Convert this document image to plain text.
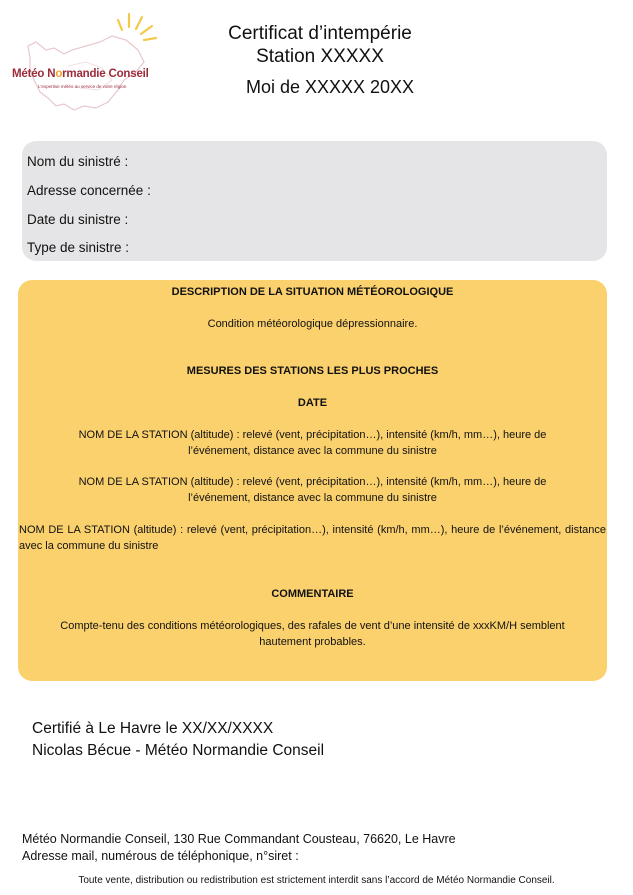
Météo Normandie Conseil
L'expertise météo au service de votre région
Certificat d’intempérie
Station XXXXX
Moi de XXXXX 20XX
Nom du sinistré :
Adresse concernée :
Date du sinistre :
Type de sinistre :
DESCRIPTION DE LA SITUATION MÉTÉOROLOGIQUE
Condition météorologique dépressionnaire.
MESURES DES STATIONS LES PLUS PROCHES
DATE
NOM DE LA STATION (altitude) : relevé (vent, précipitation…), intensité (km/h, mm…), heure de l’événement, distance avec la commune du sinistre
NOM DE LA STATION (altitude) : relevé (vent, précipitation…), intensité (km/h, mm…), heure de l’événement, distance avec la commune du sinistre
NOM DE LA STATION (altitude) : relevé (vent, précipitation…), intensité (km/h, mm…), heure de l’événement, distance avec la commune du sinistre
COMMENTAIRE
Compte-tenu des conditions météorologiques, des rafales de vent d’une intensité de xxxKM/H semblent hautement probables.
Certifié à Le Havre le XX/XX/XXXX
Nicolas Bécue - Météo Normandie Conseil
Météo Normandie Conseil, 130 Rue Commandant Cousteau, 76620, Le Havre
Adresse mail, numérous de téléphonique, n°siret :
Toute vente, distribution ou redistribution est strictement interdit sans l’accord de Météo Normandie Conseil.
